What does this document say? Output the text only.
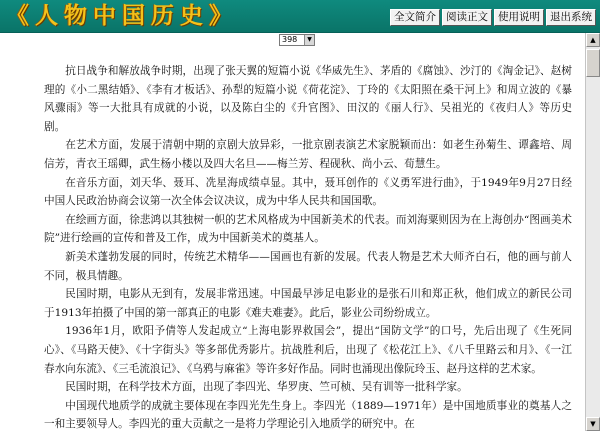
《人物中国历史》	全文简介 阅读正文 使用说明 退出系统
398	▼

抗日战争和解放战争时期，出现了张天翼的短篇小说《华威先生》、茅盾的《腐蚀》、沙汀的《淘金记》、赵树理的《小二黑结婚》、《李有才板话》、孙犁的短篇小说《荷花淀》、丁玲的《太阳照在桑干河上》和周立波的《暴风骤雨》等一大批具有成就的小说，以及陈白尘的《升官图》、田汉的《丽人行》、吴祖光的《夜归人》等历史剧。

在艺术方面，发展于清朝中期的京剧大放异彩，一批京剧表演艺术家脱颖而出：如老生孙菊生、谭鑫培、周信芳，青衣王瑶卿，武生杨小楼以及四大名旦——梅兰芳、程砚秋、尚小云、荀慧生。

在音乐方面，刘天华、聂耳、冼星海成绩卓显。其中，聂耳创作的《义勇军进行曲》，于1949年9月27日经中国人民政治协商会议第一次全体会议决议，成为中华人民共和国国歌。

在绘画方面，徐悲鸿以其独树一帜的艺术风格成为中国新美术的代表。而刘海粟则因为在上海创办“图画美术院”进行绘画的宣传和普及工作，成为中国新美术的奠基人。

新美术蓬勃发展的同时，传统艺术精华——国画也有新的发展。代表人物是艺术大师齐白石，他的画与前人不同，极具情趣。

民国时期，电影从无到有，发展非常迅速。中国最早涉足电影业的是张石川和郑正秋，他们成立的新民公司于1913年拍摄了中国的第一部真正的电影《难夫难妻》。此后，影业公司纷纷成立。

1936年1月，欧阳予倩等人发起成立“上海电影界救国会”，提出“国防文学”的口号，先后出现了《生死同心》、《马路天使》、《十字街头》等多部优秀影片。抗战胜利后，出现了《松花江上》、《八千里路云和月》、《一江春水向东流》、《三毛流浪记》、《乌鸦与麻雀》等许多好作品。同时也涌现出像阮玲玉、赵丹这样的艺术家。

民国时期，在科学技术方面，出现了李四光、华罗庚、竺可桢、吴有训等一批科学家。

中国现代地质学的成就主要体现在李四光先生身上。李四光（1889—1971年）是中国地质事业的奠基人之一和主要领导人。李四光的重大贡献之一是将力学理论引入地质学的研究中。在

▲
▼
